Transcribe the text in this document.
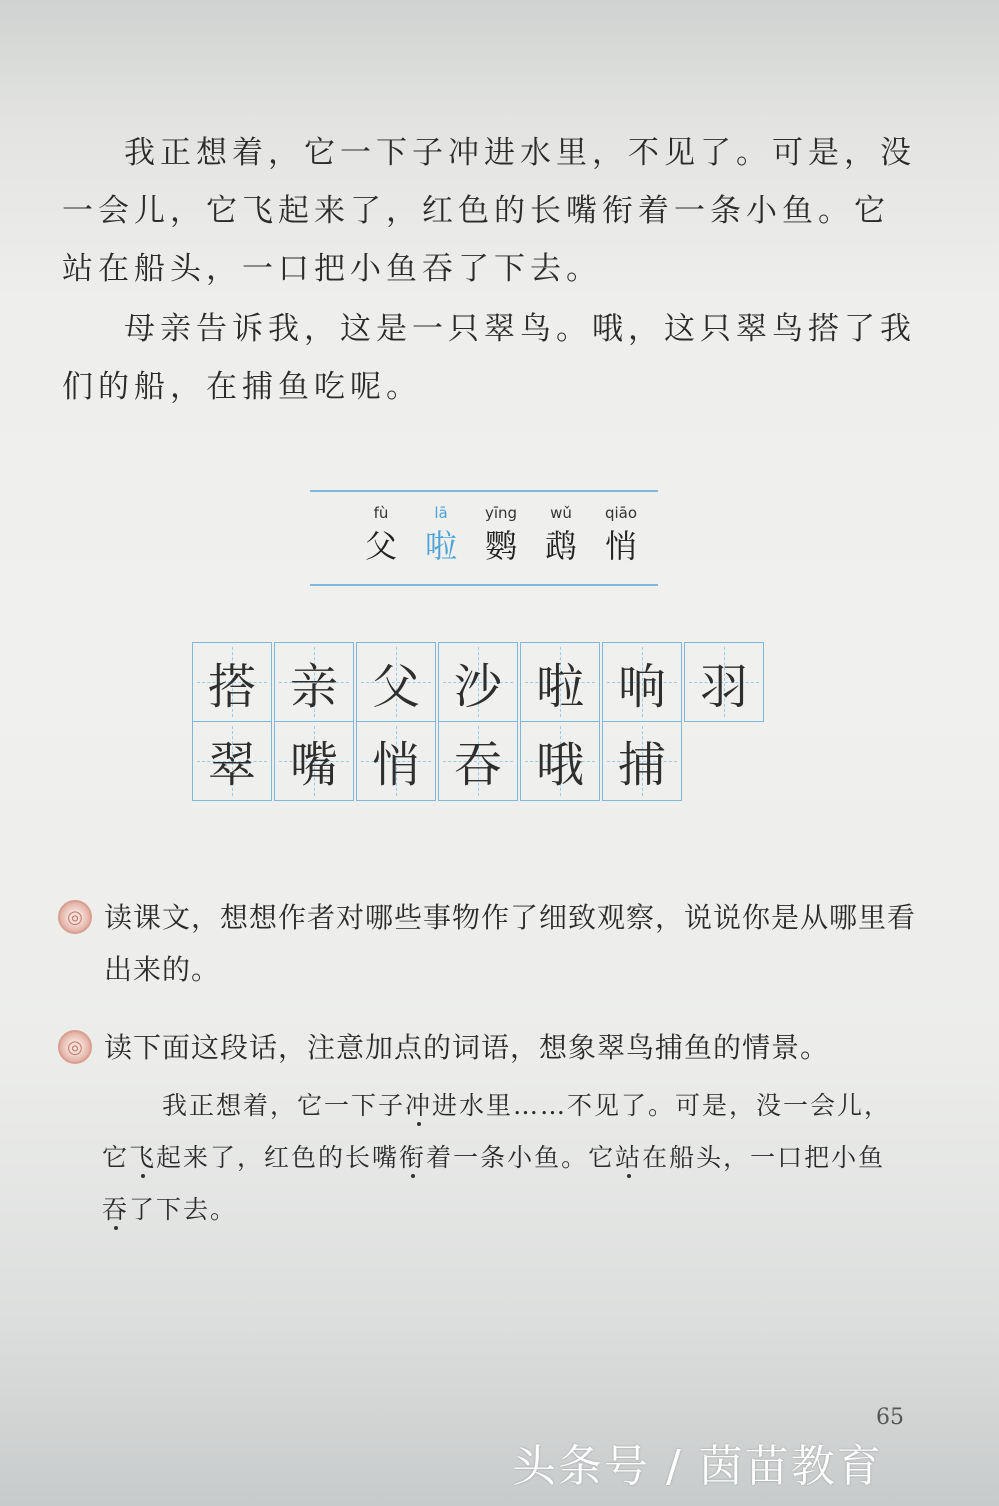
我正想着，它一下子冲进水里，不见了。可是，没一会儿，它飞起来了，红色的长嘴衔着一条小鱼。它站在船头，一口把小鱼吞了下去。

母亲告诉我，这是一只翠鸟。哦，这只翠鸟搭了我们的船，在捕鱼吃呢。

fù
父
lā
啦
yīng
鹦
wǔ
鹉
qiāo
悄
搭 亲 父 沙 啦 响 羽
翠 嘴 悄 吞 哦 捕
◎ 读课文，想想作者对哪些事物作了细致观察，说说你是从哪里看出来的。
◎ 读下面这段话，注意加点的词语，想象翠鸟捕鱼的情景。

我正想着，它一下子冲进水里……不见了。可是，没一会儿，它飞起来了，红色的长嘴衔着一条小鱼。它站在船头，一口把小鱼吞了下去。

65
头条号 / 茵苗教育
